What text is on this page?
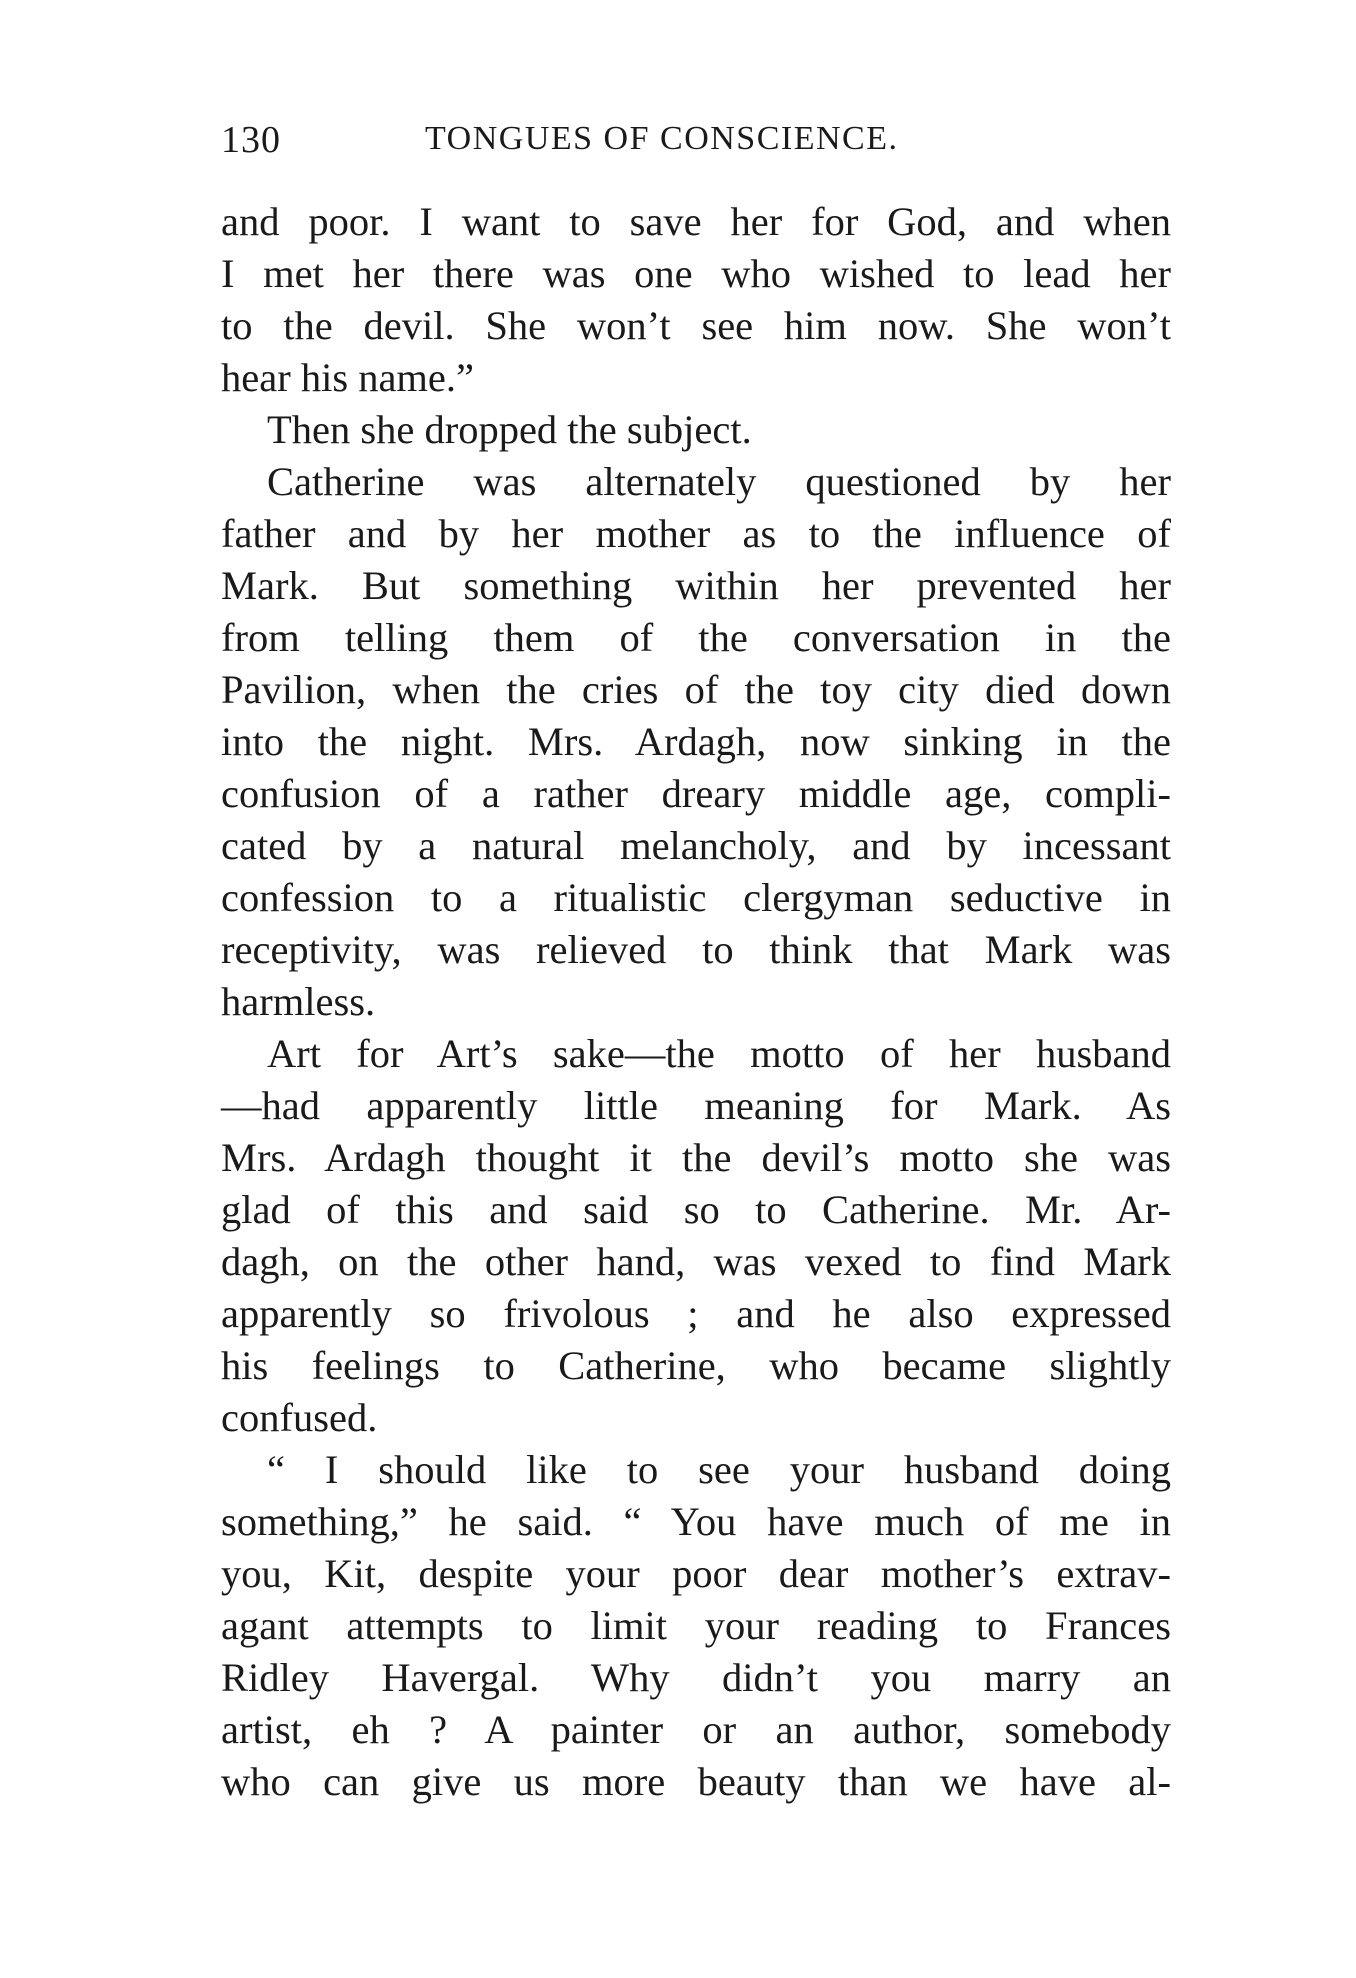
130	TONGUES OF CONSCIENCE.
and poor. I want to save her for God, and when
I met her there was one who wished to lead her
to the devil. She won’t see him now. She won’t
hear his name.”
Then she dropped the subject.
Catherine was alternately questioned by her
father and by her mother as to the influence of
Mark. But something within her prevented her
from telling them of the conversation in the
Pavilion, when the cries of the toy city died down
into the night. Mrs. Ardagh, now sinking in the
confusion of a rather dreary middle age, compli-
cated by a natural melancholy, and by incessant
confession to a ritualistic clergyman seductive in
receptivity, was relieved to think that Mark was
harmless.
Art for Art’s sake—the motto of her husband
—had apparently little meaning for Mark. As
Mrs. Ardagh thought it the devil’s motto she was
glad of this and said so to Catherine. Mr. Ar-
dagh, on the other hand, was vexed to find Mark
apparently so frivolous ; and he also expressed
his feelings to Catherine, who became slightly
confused.
“ I should like to see your husband doing
something,” he said. “ You have much of me in
you, Kit, despite your poor dear mother’s extrav-
agant attempts to limit your reading to Frances
Ridley Havergal. Why didn’t you marry an
artist, eh ? A painter or an author, somebody
who can give us more beauty than we have al-
